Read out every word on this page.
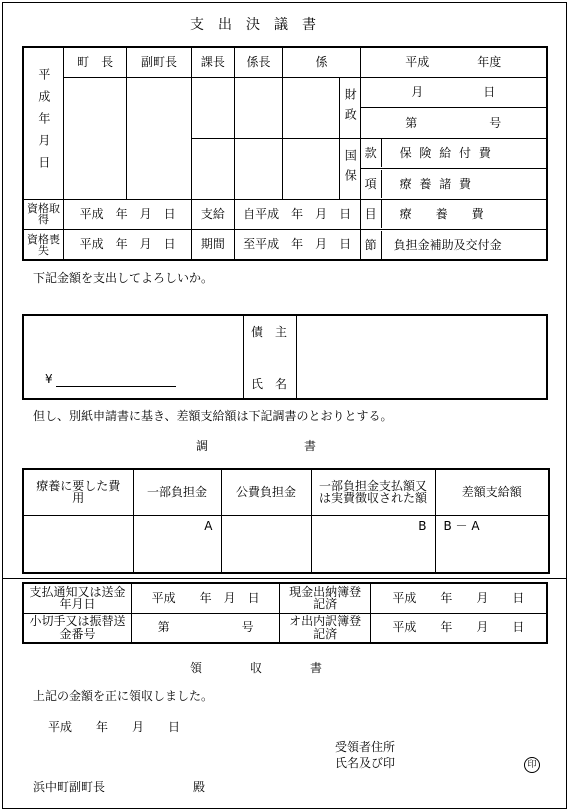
支　出　決　議　書
平成年月日	町　長	副町長	課長	係長	係		平成　　　　年度

						財政	月　　　　　日
							第　　　　　　号

						国保	款 保 険 給 付 費
							項 療 養 諸 費
資格取得	平成　年　月　日		支給	自平成　年　月　日			目 療　　養　　費
資格喪失	平成　年　月　日		期間	至平成　年　月　日			節 負担金補助及交付金
下記金額を支出してよろしいか。
¥
債　主
氏　名
但し、別紙申請書に基き、差額支給額は下記調書のとおりとする。
調　　　　　　　　書
療養に要した費　　　用	一部負担金	公費負担金	一部負担金支払額又は実費徴収された額	差額支給額
	A		B	B － A
支払通知又は送金年月日	平成　　年　月　日	現金出納簿登記済	平成　　年　　月　　日
小切手又は振替送金番号	第　　　　　　号	オ出内訳簿登記済	平成　　年　　月　　日
領　　　　収　　　　書
上記の金額を正に領収しました。
平成　　年　　月　　日
受領者住所
氏名及び印	印
浜中町副町長	殿
